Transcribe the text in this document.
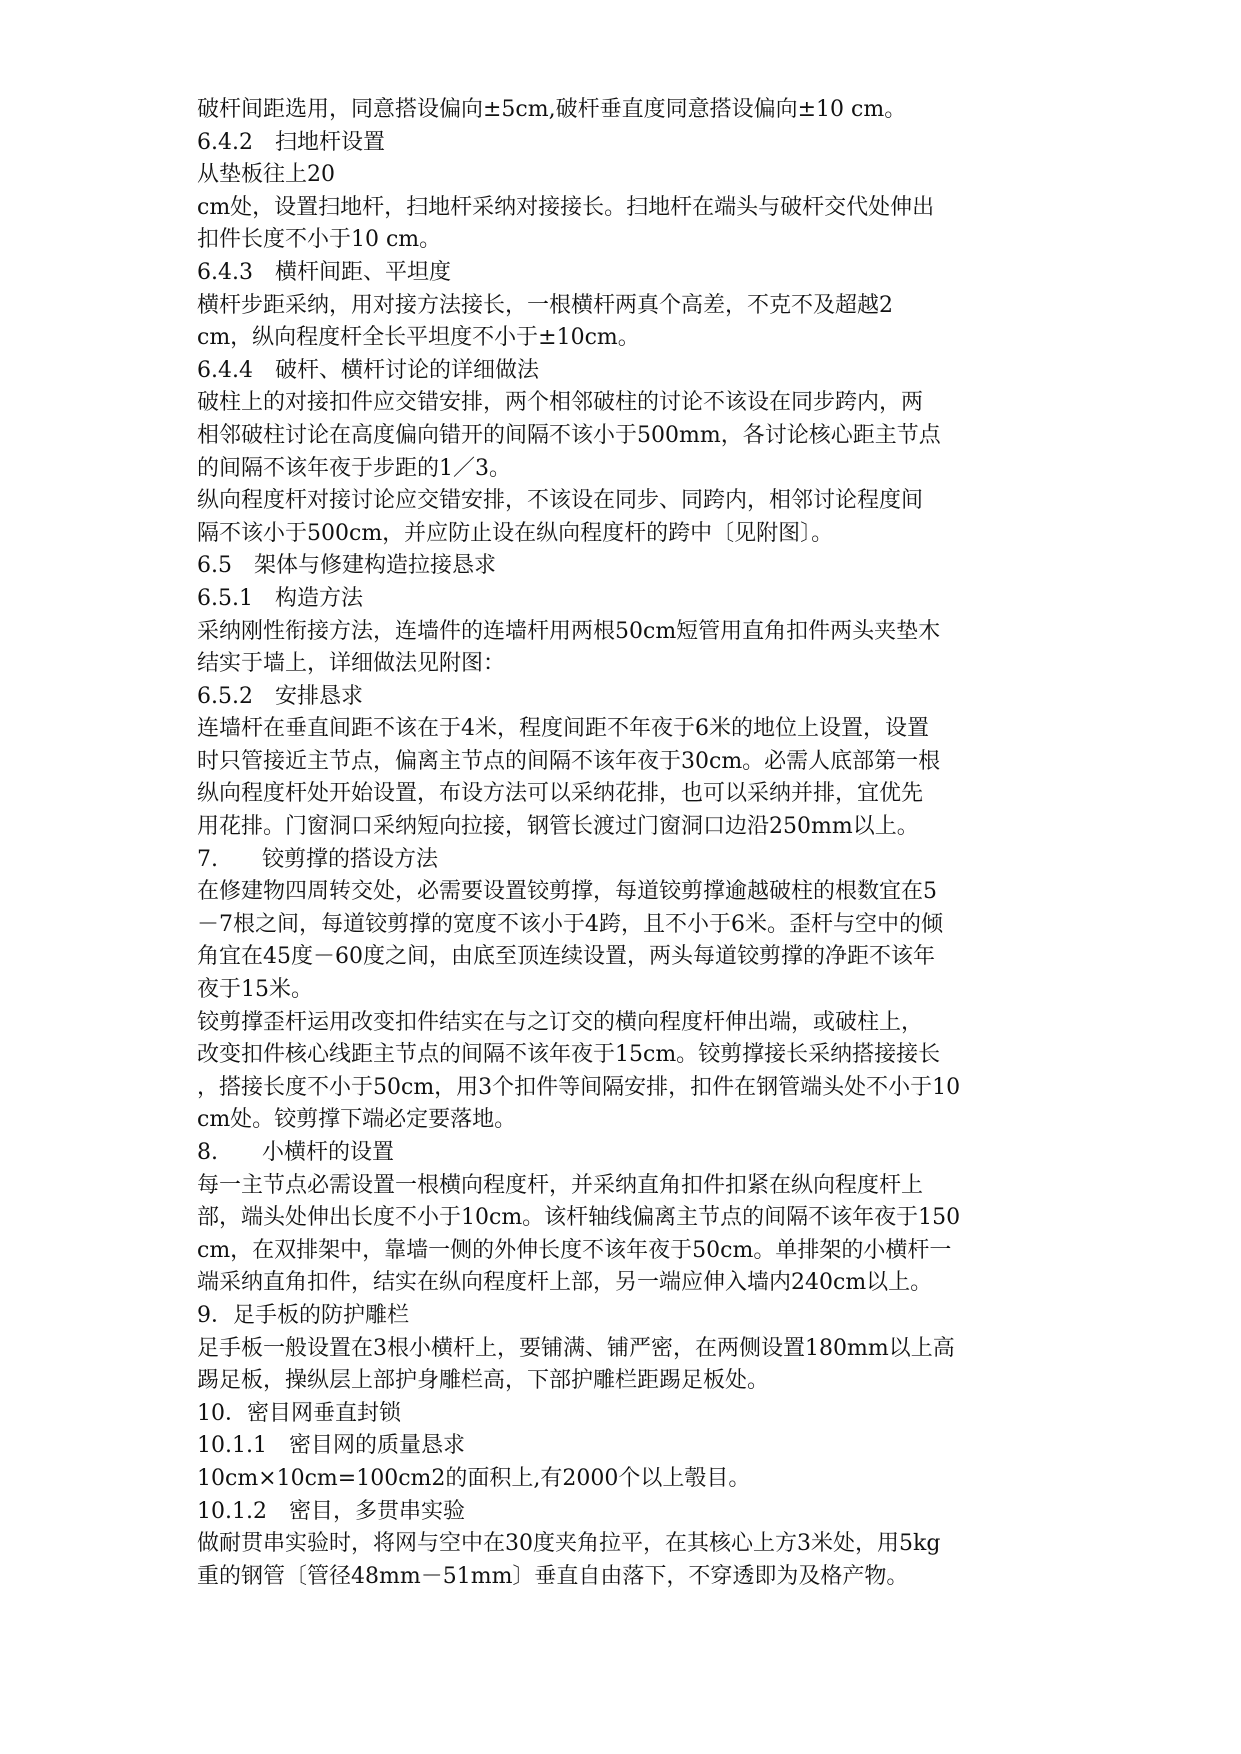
破杆间距选用，同意搭设偏向±5cm,破杆垂直度同意搭设偏向±10 cm。
6.4.2　扫地杆设置
从垫板往上20
cm处，设置扫地杆，扫地杆采纳对接接长。扫地杆在端头与破杆交代处伸出
扣件长度不小于10 cm。
6.4.3　横杆间距、平坦度
横杆步距采纳，用对接方法接长，一根横杆两真个高差，不克不及超越2
cm，纵向程度杆全长平坦度不小于±10cm。
6.4.4　破杆、横杆讨论的详细做法
破柱上的对接扣件应交错安排，两个相邻破柱的讨论不该设在同步跨内，两
相邻破柱讨论在高度偏向错开的间隔不该小于500mm，各讨论核心距主节点
的间隔不该年夜于步距的1／3。
纵向程度杆对接讨论应交错安排，不该设在同步、同跨内，相邻讨论程度间
隔不该小于500cm，并应防止设在纵向程度杆的跨中〔见附图〕。
6.5　架体与修建构造拉接恳求
6.5.1　构造方法
采纳刚性衔接方法，连墙件的连墙杆用两根50cm短管用直角扣件两头夹垫木
结实于墙上，详细做法见附图：
6.5.2　安排恳求
连墙杆在垂直间距不该在于4米，程度间距不年夜于6米的地位上设置，设置
时只管接近主节点，偏离主节点的间隔不该年夜于30cm。必需人底部第一根
纵向程度杆处开始设置，布设方法可以采纳花排，也可以采纳并排，宜优先
用花排。门窗洞口采纳短向拉接，钢管长渡过门窗洞口边沿250mm以上。
7.　　铰剪撑的搭设方法
在修建物四周转交处，必需要设置铰剪撑，每道铰剪撑逾越破柱的根数宜在5
－7根之间，每道铰剪撑的宽度不该小于4跨，且不小于6米。歪杆与空中的倾
角宜在45度－60度之间，由底至顶连续设置，两头每道铰剪撑的净距不该年
夜于15米。
铰剪撑歪杆运用改变扣件结实在与之订交的横向程度杆伸出端，或破柱上，
改变扣件核心线距主节点的间隔不该年夜于15cm。铰剪撑接长采纳搭接接长
，搭接长度不小于50cm，用3个扣件等间隔安排，扣件在钢管端头处不小于10
cm处。铰剪撑下端必定要落地。
8.　　小横杆的设置
每一主节点必需设置一根横向程度杆，并采纳直角扣件扣紧在纵向程度杆上
部，端头处伸出长度不小于10cm。该杆轴线偏离主节点的间隔不该年夜于150
cm，在双排架中，靠墙一侧的外伸长度不该年夜于50cm。单排架的小横杆一
端采纳直角扣件，结实在纵向程度杆上部，另一端应伸入墙内240cm以上。
9．足手板的防护雕栏
足手板一般设置在3根小横杆上，要铺满、铺严密，在两侧设置180mm以上高
踢足板，操纵层上部护身雕栏高，下部护雕栏距踢足板处。
10．密目网垂直封锁
10.1.1　密目网的质量恳求
10cm×10cm=100cm2的面积上,有2000个以上彀目。
10.1.2　密目，多贯串实验
做耐贯串实验时，将网与空中在30度夹角拉平，在其核心上方3米处，用5kg
重的钢管〔管径48mm－51mm〕垂直自由落下，不穿透即为及格产物。
